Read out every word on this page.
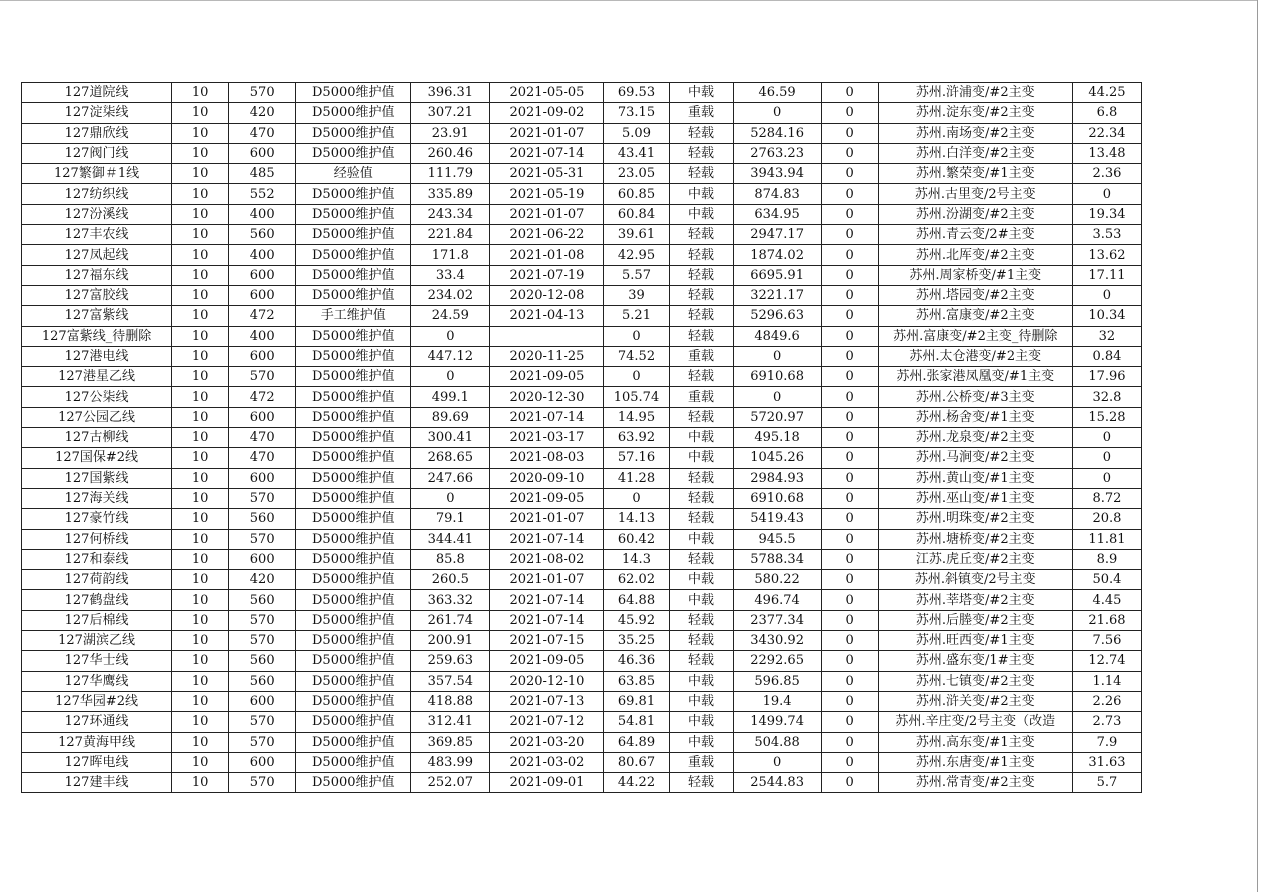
127道院线	10	570	D5000维护值	396.31	2021-05-05	69.53	中载	46.59	0	苏州.浒浦变/#2主变	44.25
127淀柒线	10	420	D5000维护值	307.21	2021-09-02	73.15	重载	0	0	苏州.淀东变/#2主变	6.8
127鼎欣线	10	470	D5000维护值	23.91	2021-01-07	5.09	轻载	5284.16	0	苏州.南场变/#2主变	22.34
127阀门线	10	600	D5000维护值	260.46	2021-07-14	43.41	轻载	2763.23	0	苏州.白洋变/#2主变	13.48
127繁御＃1线	10	485	经验值	111.79	2021-05-31	23.05	轻载	3943.94	0	苏州.繁荣变/#1主变	2.36
127纺织线	10	552	D5000维护值	335.89	2021-05-19	60.85	中载	874.83	0	苏州.古里变/2号主变	0
127汾溪线	10	400	D5000维护值	243.34	2021-01-07	60.84	中载	634.95	0	苏州.汾湖变/#2主变	19.34
127丰农线	10	560	D5000维护值	221.84	2021-06-22	39.61	轻载	2947.17	0	苏州.青云变/2#主变	3.53
127凤起线	10	400	D5000维护值	171.8	2021-01-08	42.95	轻载	1874.02	0	苏州.北厍变/#2主变	13.62
127福东线	10	600	D5000维护值	33.4	2021-07-19	5.57	轻载	6695.91	0	苏州.周家桥变/#1主变	17.11
127富胶线	10	600	D5000维护值	234.02	2020-12-08	39	轻载	3221.17	0	苏州.塔园变/#2主变	0
127富紫线	10	472	手工维护值	24.59	2021-04-13	5.21	轻载	5296.63	0	苏州.富康变/#2主变	10.34
127富紫线_待删除	10	400	D5000维护值	0		0	轻载	4849.6	0	苏州.富康变/#2主变_待删除	32
127港电线	10	600	D5000维护值	447.12	2020-11-25	74.52	重载	0	0	苏州.太仓港变/#2主变	0.84
127港星乙线	10	570	D5000维护值	0	2021-09-05	0	轻载	6910.68	0	苏州.张家港凤凰变/#1主变	17.96
127公柒线	10	472	D5000维护值	499.1	2020-12-30	105.74	重载	0	0	苏州.公桥变/#3主变	32.8
127公园乙线	10	600	D5000维护值	89.69	2021-07-14	14.95	轻载	5720.97	0	苏州.杨舍变/#1主变	15.28
127古柳线	10	470	D5000维护值	300.41	2021-03-17	63.92	中载	495.18	0	苏州.龙泉变/#2主变	0
127国保#2线	10	470	D5000维护值	268.65	2021-08-03	57.16	中载	1045.26	0	苏州.马涧变/#2主变	0
127国紫线	10	600	D5000维护值	247.66	2020-09-10	41.28	轻载	2984.93	0	苏州.黄山变/#1主变	0
127海关线	10	570	D5000维护值	0	2021-09-05	0	轻载	6910.68	0	苏州.巫山变/#1主变	8.72
127豪竹线	10	560	D5000维护值	79.1	2021-01-07	14.13	轻载	5419.43	0	苏州.明珠变/#2主变	20.8
127何桥线	10	570	D5000维护值	344.41	2021-07-14	60.42	中载	945.5	0	苏州.塘桥变/#2主变	11.81
127和泰线	10	600	D5000维护值	85.8	2021-08-02	14.3	轻载	5788.34	0	江苏.虎丘变/#2主变	8.9
127荷韵线	10	420	D5000维护值	260.5	2021-01-07	62.02	中载	580.22	0	苏州.斜镇变/2号主变	50.4
127鹤盘线	10	560	D5000维护值	363.32	2021-07-14	64.88	中载	496.74	0	苏州.莘塔变/#2主变	4.45
127后棉线	10	570	D5000维护值	261.74	2021-07-14	45.92	轻载	2377.34	0	苏州.后塍变/#2主变	21.68
127湖滨乙线	10	570	D5000维护值	200.91	2021-07-15	35.25	轻载	3430.92	0	苏州.旺西变/#1主变	7.56
127华士线	10	560	D5000维护值	259.63	2021-09-05	46.36	轻载	2292.65	0	苏州.盛东变/1#主变	12.74
127华鹰线	10	560	D5000维护值	357.54	2020-12-10	63.85	中载	596.85	0	苏州.七镇变/#2主变	1.14
127华园#2线	10	600	D5000维护值	418.88	2021-07-13	69.81	中载	19.4	0	苏州.浒关变/#2主变	2.26
127环通线	10	570	D5000维护值	312.41	2021-07-12	54.81	中载	1499.74	0	苏州.辛庄变/2号主变（改造	2.73
127黄海甲线	10	570	D5000维护值	369.85	2021-03-20	64.89	中载	504.88	0	苏州.高东变/#1主变	7.9
127晖电线	10	600	D5000维护值	483.99	2021-03-02	80.67	重载	0	0	苏州.东唐变/#1主变	31.63
127建丰线	10	570	D5000维护值	252.07	2021-09-01	44.22	轻载	2544.83	0	苏州.常青变/#2主变	5.7
